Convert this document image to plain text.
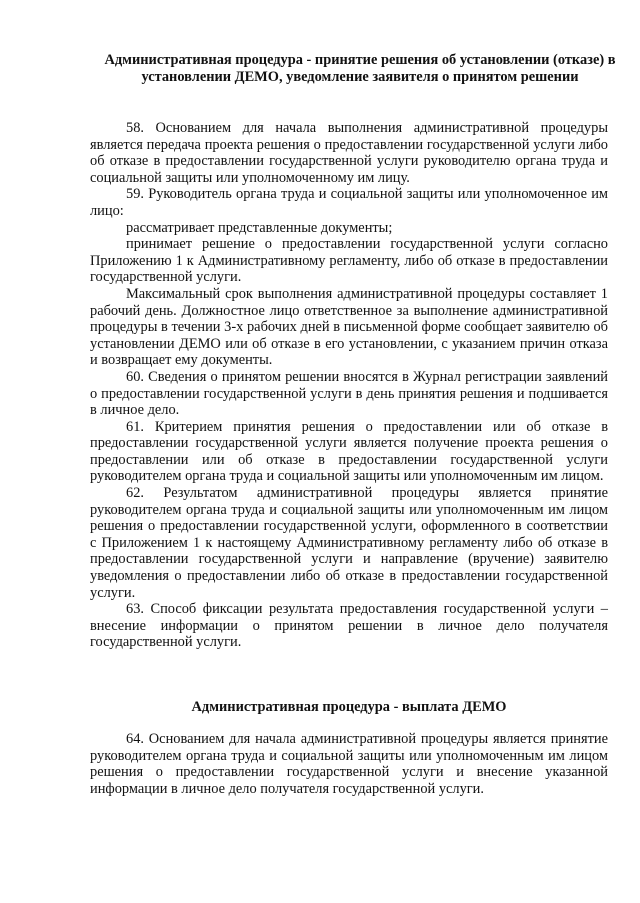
Административная процедура - принятие решения об установлении (отказе) в установлении ДЕМО, уведомление заявителя о принятом решении

58. Основанием для начала выполнения административной процедуры является передача проекта решения о предоставлении государственной услуги либо об отказе в предоставлении государственной услуги руководителю органа труда и социальной защиты или уполномоченному им лицу.

59. Руководитель органа труда и социальной защиты или уполномоченное им лицо:

рассматривает представленные документы;

принимает решение о предоставлении государственной услуги согласно Приложению 1 к Административному регламенту, либо об отказе в предоставлении государственной услуги.

Максимальный срок выполнения административной процедуры составляет 1 рабочий день. Должностное лицо ответственное за выполнение административной процедуры в течении 3-х рабочих дней в письменной форме сообщает заявителю об установлении ДЕМО или об отказе в его установлении, с указанием причин отказа и возвращает ему документы.

60. Сведения о принятом решении вносятся в Журнал регистрации заявлений о предоставлении государственной услуги в день принятия решения и подшивается в личное дело.

61. Критерием принятия решения о предоставлении или об отказе в предоставлении государственной услуги является получение проекта решения о предоставлении или об отказе в предоставлении государственной услуги руководителем органа труда и социальной защиты или уполномоченным им лицом.

62. Результатом административной процедуры является принятие руководителем органа труда и социальной защиты или уполномоченным им лицом решения о предоставлении государственной услуги, оформленного в соответствии с Приложением 1 к настоящему Административному регламенту либо об отказе в предоставлении государственной услуги и направление (вручение) заявителю уведомления о предоставлении либо об отказе в предоставлении государственной услуги.

63. Способ фиксации результата предоставления государственной услуги – внесение информации о принятом решении в личное дело получателя государственной услуги.

Административная процедура - выплата ДЕМО

64. Основанием для начала административной процедуры является принятие руководителем органа труда и социальной защиты или уполномоченным им лицом решения о предоставлении государственной услуги и внесение указанной информации в личное дело получателя государственной услуги.
